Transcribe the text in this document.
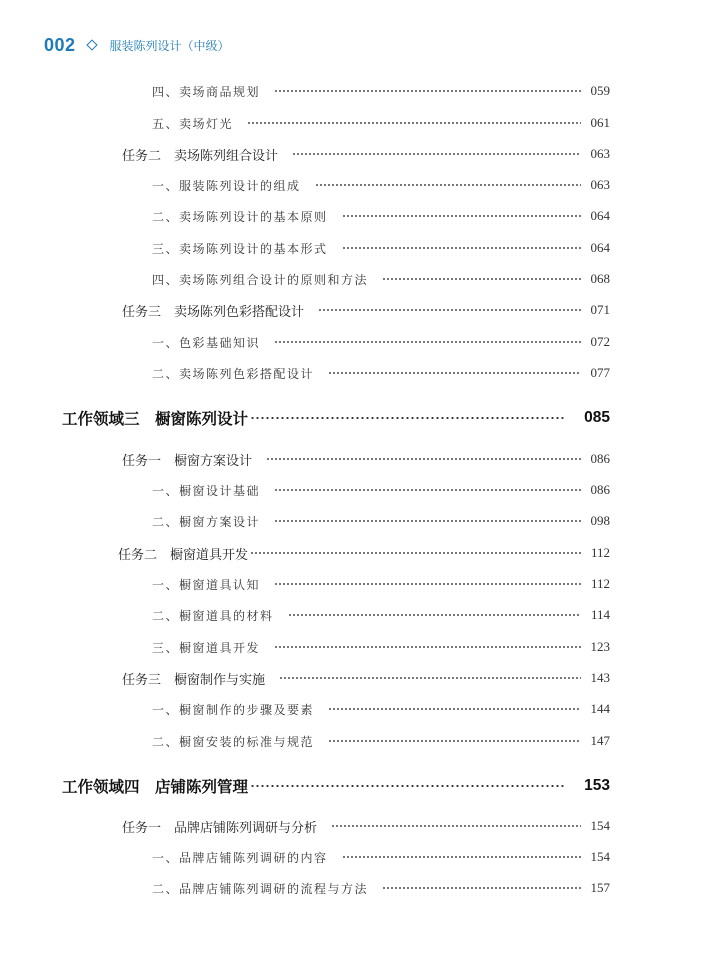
002	服装陈列设计（中级）
四、卖场商品规划	059
五、卖场灯光	061
任务二　卖场陈列组合设计	063
一、服装陈列设计的组成	063
二、卖场陈列设计的基本原则	064
三、卖场陈列设计的基本形式	064
四、卖场陈列组合设计的原则和方法	068
任务三　卖场陈列色彩搭配设计	071
一、色彩基础知识	072
二、卖场陈列色彩搭配设计	077
工作领域三　橱窗陈列设计	085
任务一　橱窗方案设计	086
一、橱窗设计基础	086
二、橱窗方案设计	098
任务二　橱窗道具开发	112
一、橱窗道具认知	112
二、橱窗道具的材料	114
三、橱窗道具开发	123
任务三　橱窗制作与实施	143
一、橱窗制作的步骤及要素	144
二、橱窗安装的标准与规范	147
工作领域四　店铺陈列管理	153
任务一　品牌店铺陈列调研与分析	154
一、品牌店铺陈列调研的内容	154
二、品牌店铺陈列调研的流程与方法	157
